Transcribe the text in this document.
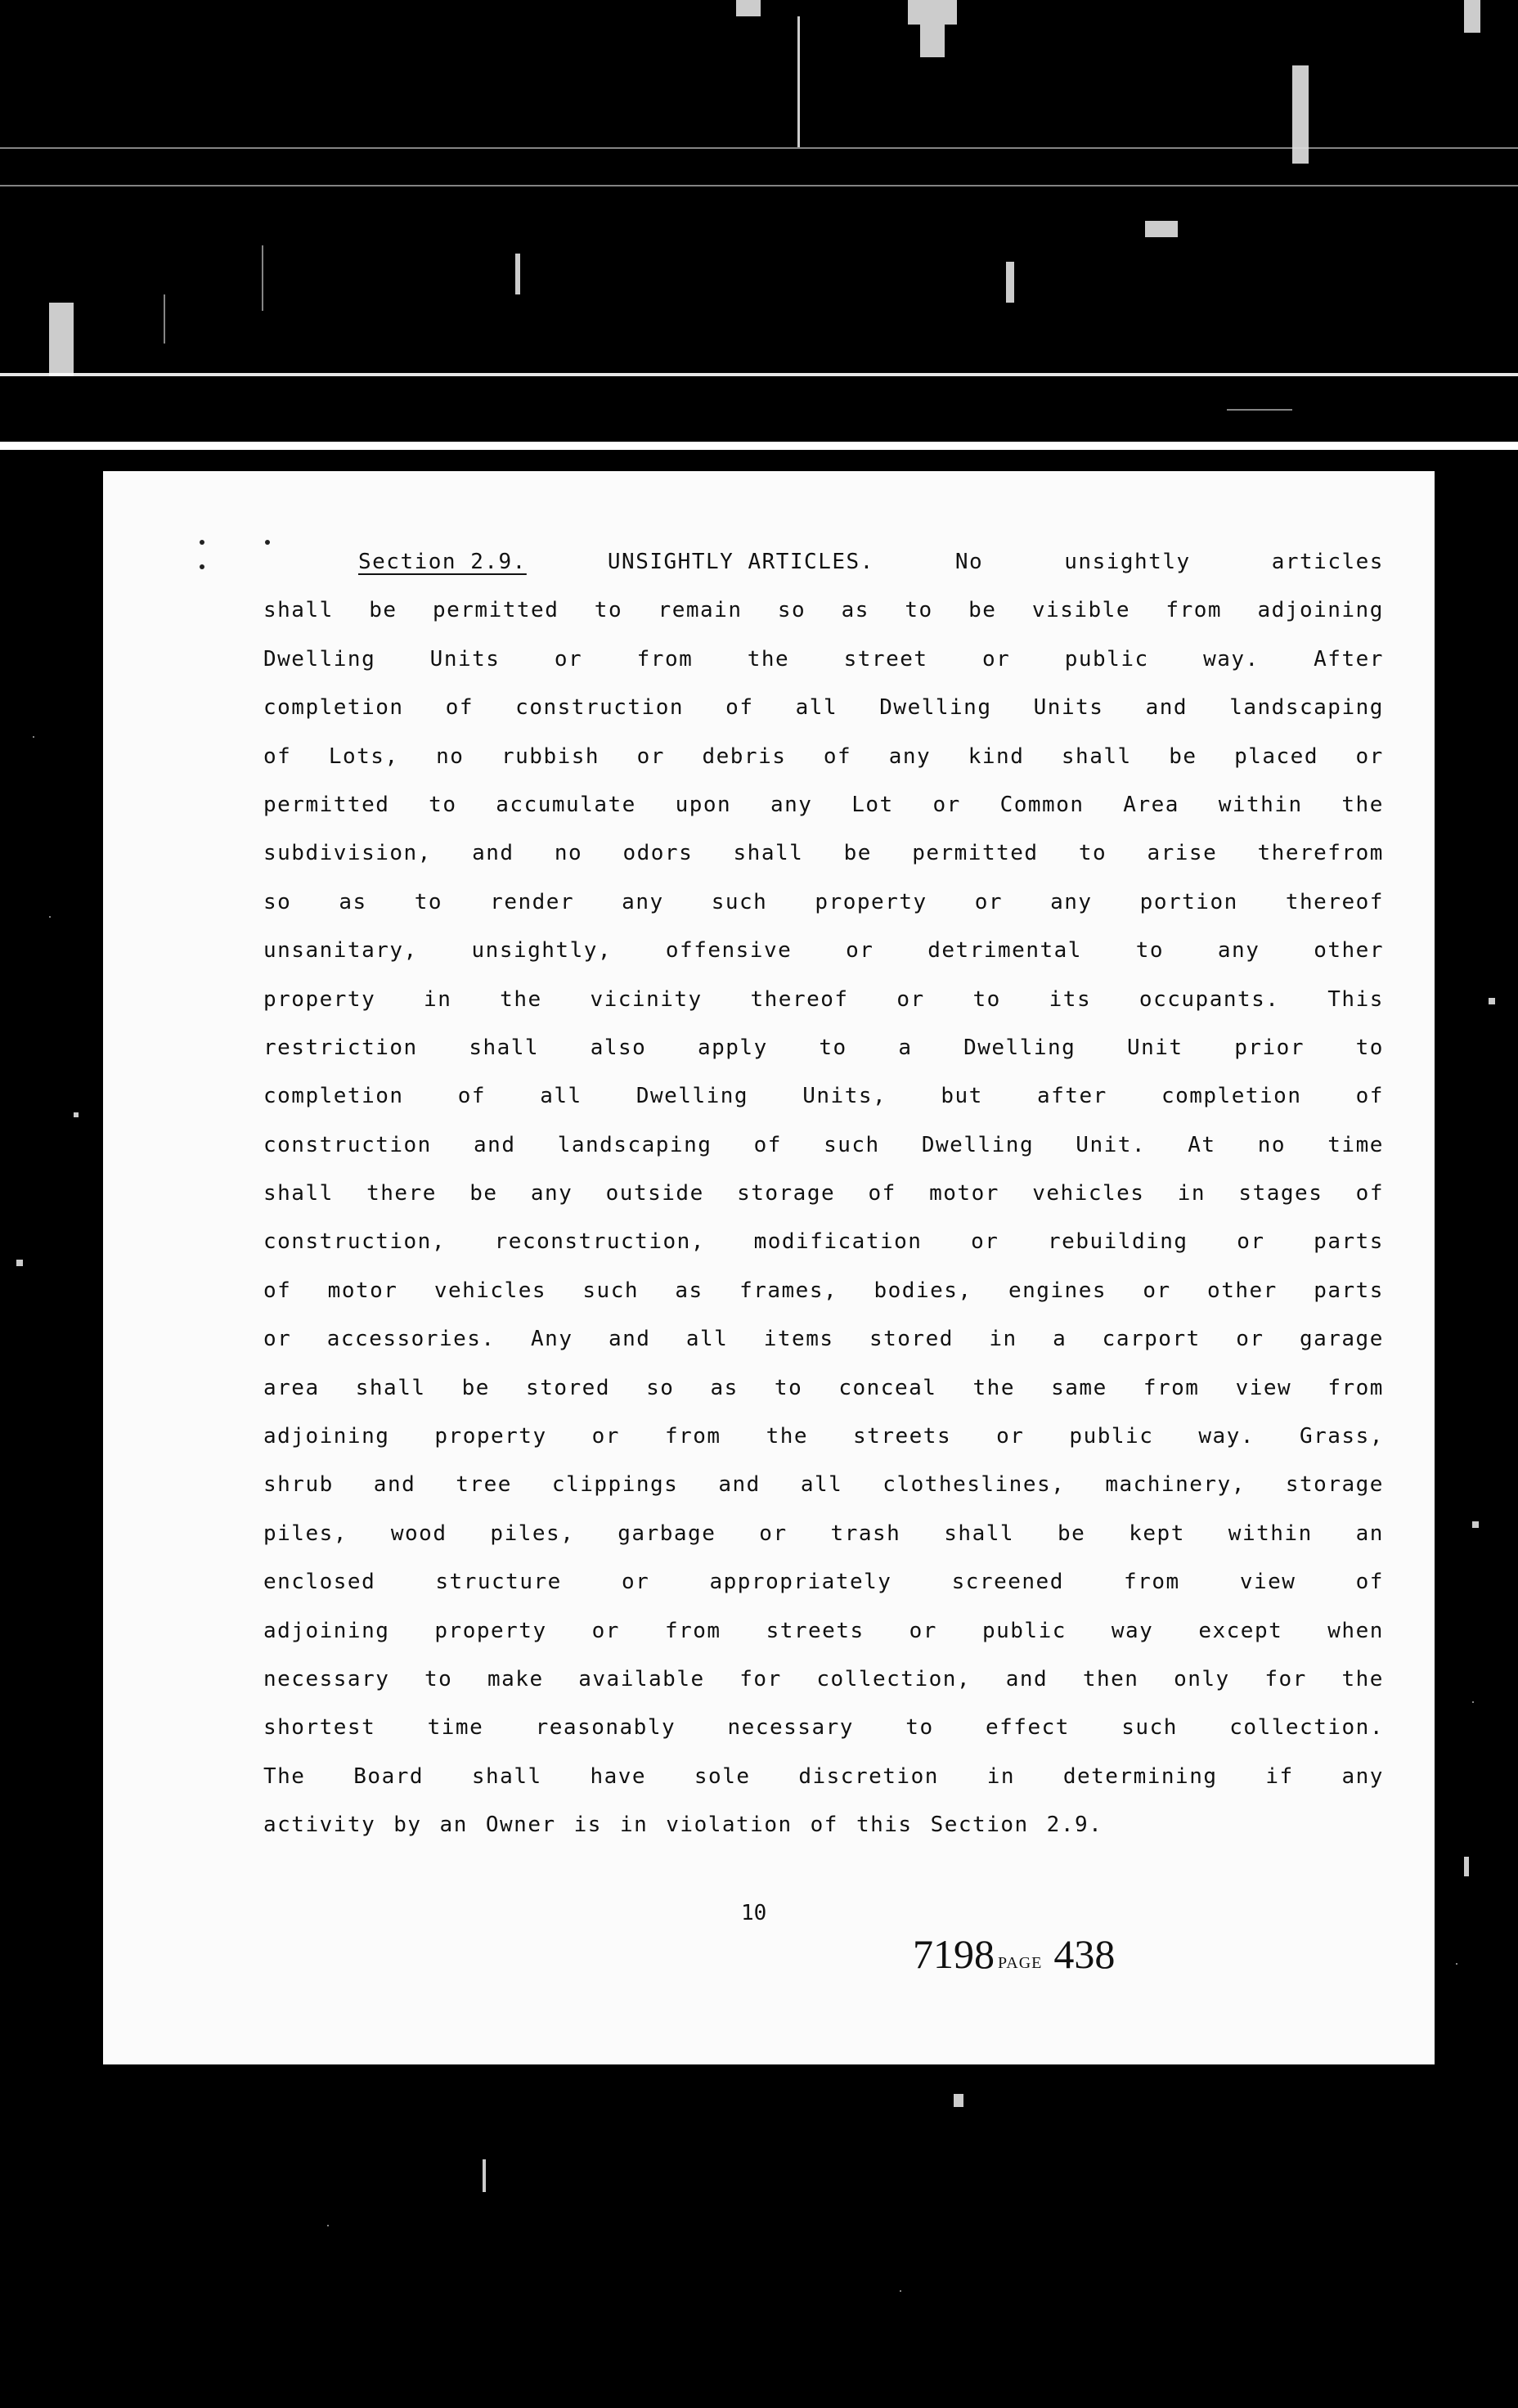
Section 2.9.	UNSIGHTLY ARTICLES.	No	unsightly	articles
shall be permitted to remain so as to be visible from adjoining
Dwelling	Units	or	from	the	street	or	public	way.	After
completion of construction of all Dwelling Units and landscaping
of Lots, no rubbish or debris of any kind shall be placed or
permitted to accumulate upon any Lot or Common Area within the
subdivision, and no odors shall be permitted to arise therefrom
so as to render any such property or any portion thereof
unsanitary,	unsightly,	offensive	or	detrimental	to	any	other
property in the vicinity thereof or to its occupants. This
restriction shall also apply to a Dwelling Unit prior to
completion	of	all	Dwelling	Units,	but	after	completion	of
construction and landscaping of such Dwelling Unit. At no time
shall there be any outside storage of motor vehicles in stages of
construction, reconstruction, modification or rebuilding or parts
of motor vehicles such as frames, bodies, engines or other parts
or accessories. Any and all items stored in a carport or garage
area shall be stored so as to conceal the same from view from
adjoining property or from the streets or public way. Grass,
shrub and tree clippings and all clotheslines, machinery, storage
piles, wood piles, garbage or trash shall be kept within an
enclosed	structure	or	appropriately	screened	from	view	of
adjoining property or from streets or public way except when
necessary to make available for collection, and then only for the
shortest time reasonably necessary to effect such collection.
The Board shall have sole discretion in determining if any
activity by an Owner is in violation of this Section 2.9.
10
7198 PAGE 438
